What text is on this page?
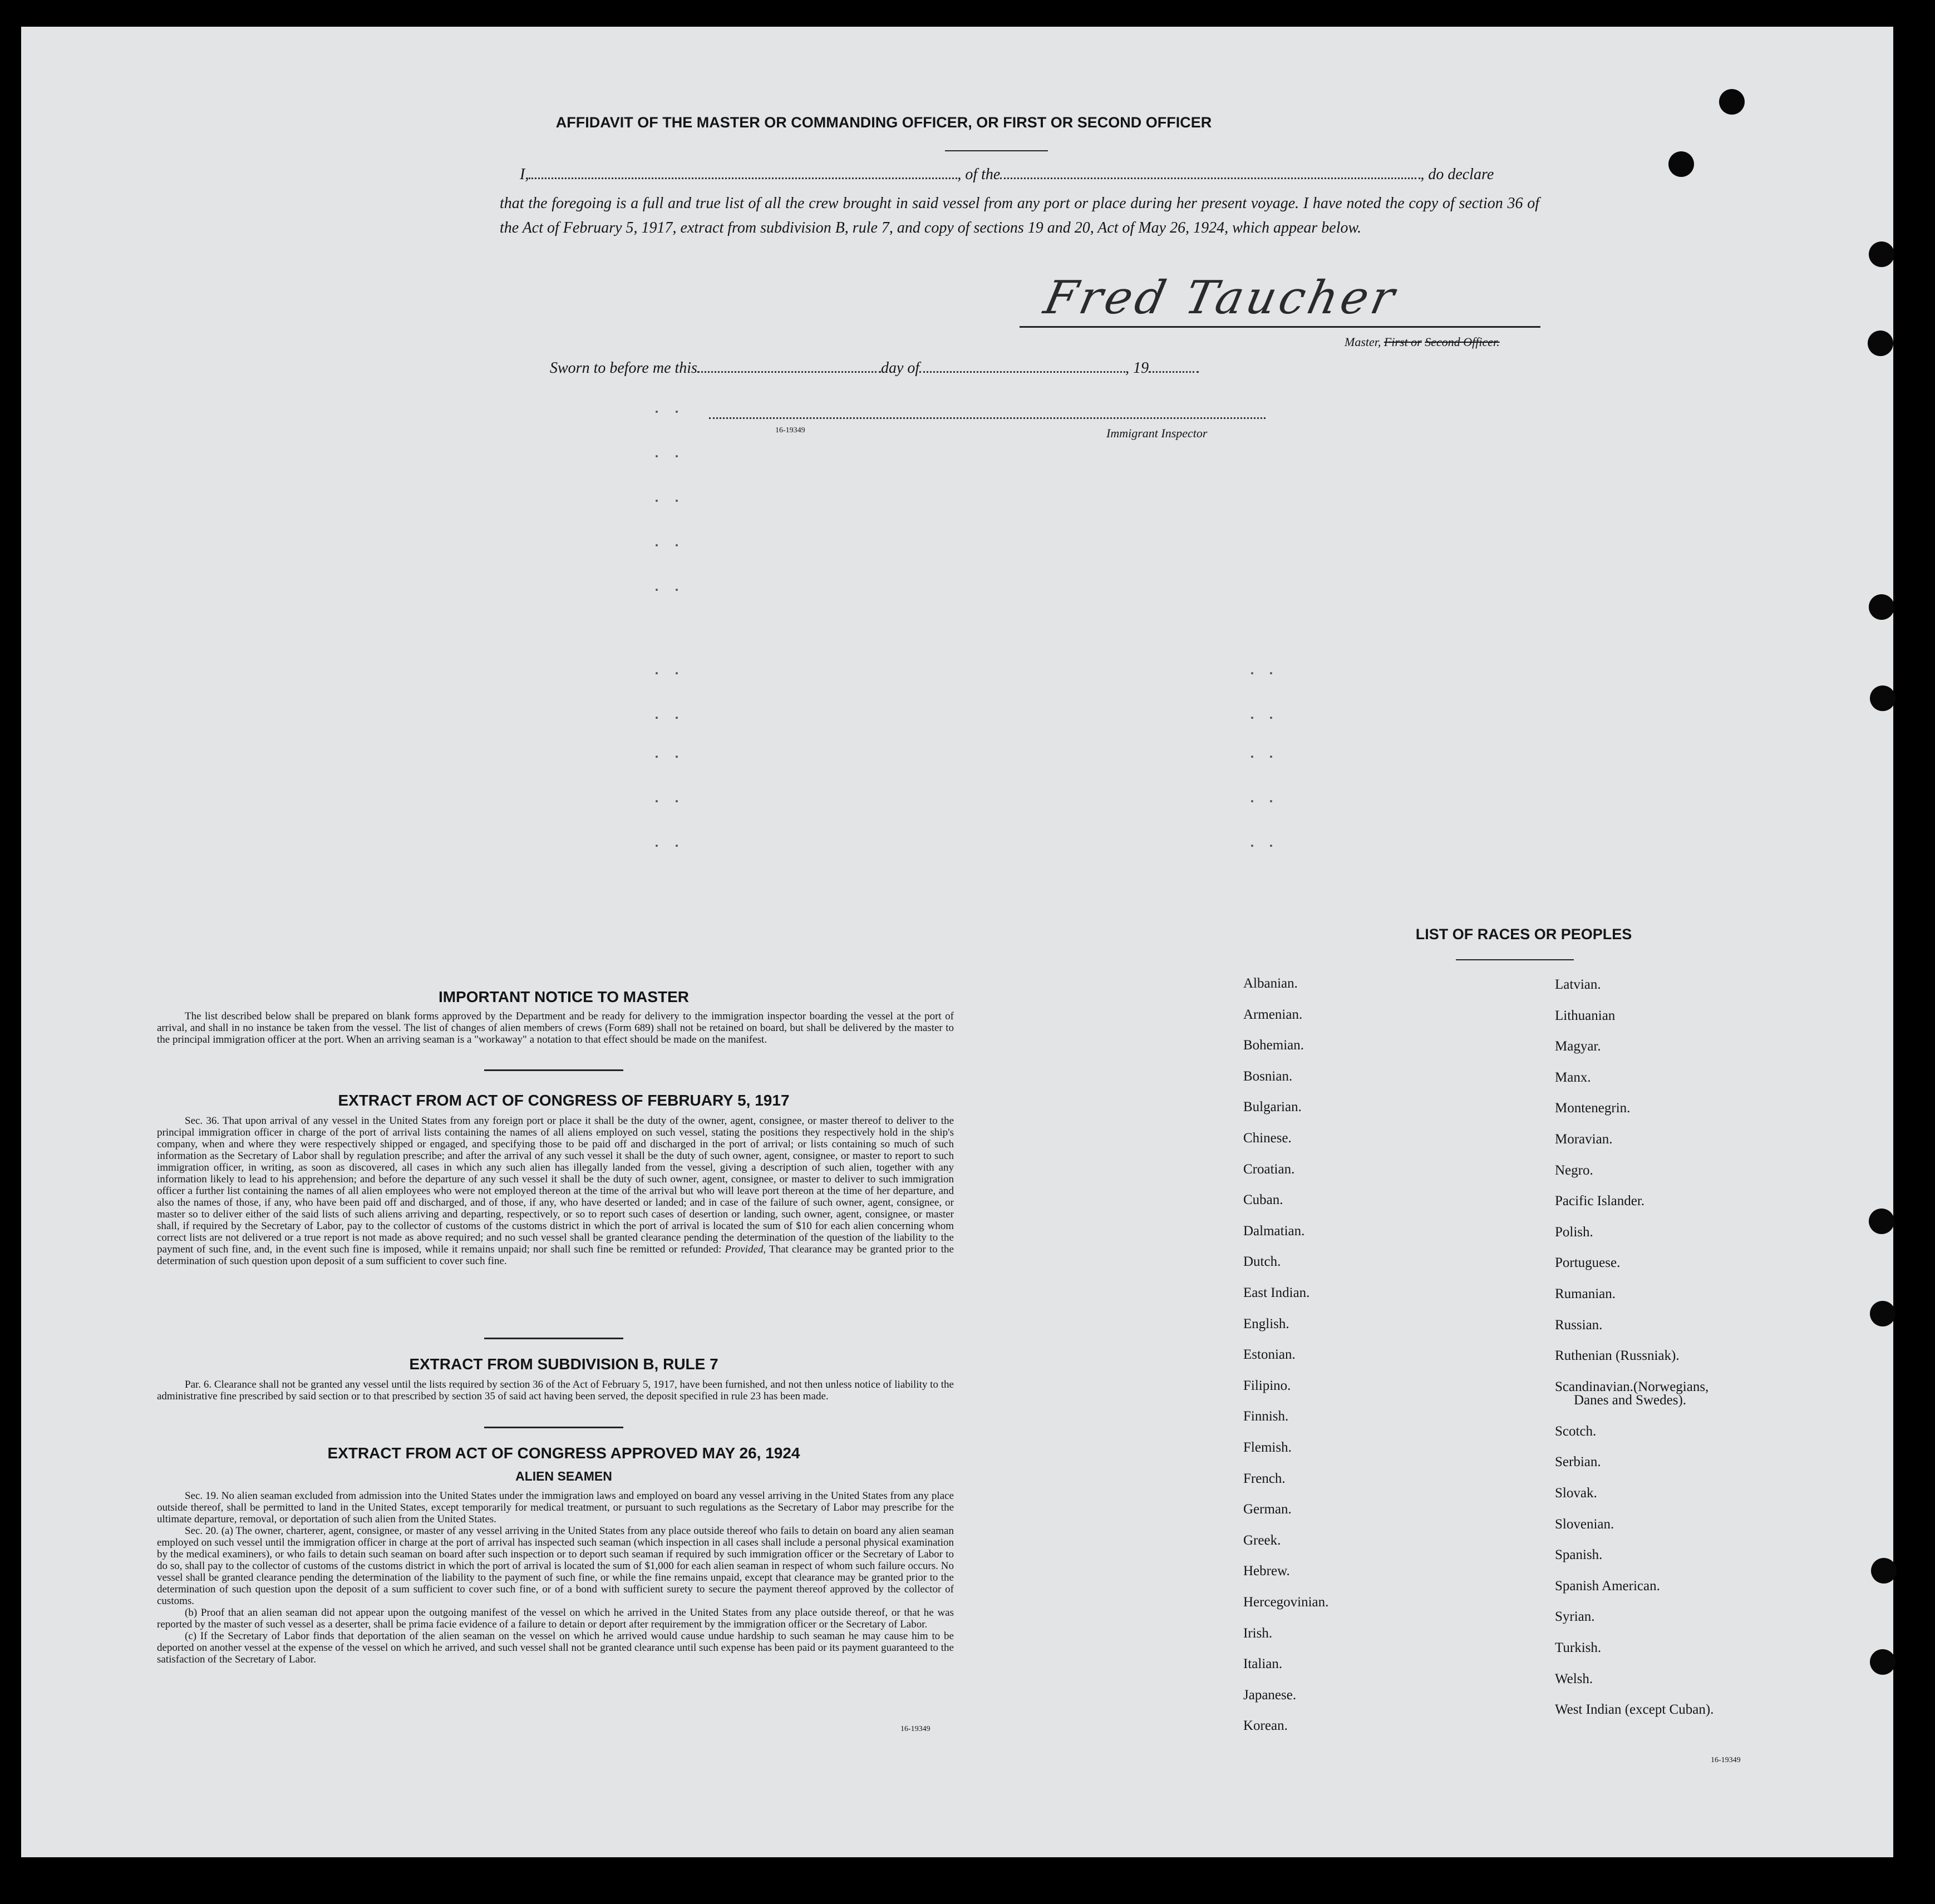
AFFIDAVIT OF THE MASTER OR COMMANDING OFFICER, OR FIRST OR SECOND OFFICER
I,	, of the	, do declare
that the foregoing is a full and true list of all the crew brought in said vessel from any port or place during her present voyage. I have noted the copy of section 36 of the Act of February 5, 1917, extract from subdivision B, rule 7, and copy of sections 19 and 20, Act of May 26, 1924, which appear below.
Fred Taucher
Master, First or Second Officer.
Sworn to before me this	day of	, 19
16-19349	Immigrant Inspector
IMPORTANT NOTICE TO MASTER

The list described below shall be prepared on blank forms approved by the Department and be ready for delivery to the immigration inspector boarding the vessel at the port of arrival, and shall in no instance be taken from the vessel. The list of changes of alien members of crews (Form 689) shall not be retained on board, but shall be delivered by the master to the principal immigration officer at the port. When an arriving seaman is a "workaway" a notation to that effect should be made on the manifest.

EXTRACT FROM ACT OF CONGRESS OF FEBRUARY 5, 1917

Sec. 36. That upon arrival of any vessel in the United States from any foreign port or place it shall be the duty of the owner, agent, consignee, or master thereof to deliver to the principal immigration officer in charge of the port of arrival lists containing the names of all aliens employed on such vessel, stating the positions they respectively hold in the ship's company, when and where they were respectively shipped or engaged, and specifying those to be paid off and discharged in the port of arrival; or lists containing so much of such information as the Secretary of Labor shall by regulation prescribe; and after the arrival of any such vessel it shall be the duty of such owner, agent, consignee, or master to report to such immigration officer, in writing, as soon as discovered, all cases in which any such alien has illegally landed from the vessel, giving a description of such alien, together with any information likely to lead to his apprehension; and before the departure of any such vessel it shall be the duty of such owner, agent, consignee, or master to deliver to such immigration officer a further list containing the names of all alien employees who were not employed thereon at the time of the arrival but who will leave port thereon at the time of her departure, and also the names of those, if any, who have been paid off and discharged, and of those, if any, who have deserted or landed; and in case of the failure of such owner, agent, consignee, or master so to deliver either of the said lists of such aliens arriving and departing, respectively, or so to report such cases of desertion or landing, such owner, agent, consignee, or master shall, if required by the Secretary of Labor, pay to the collector of customs of the customs district in which the port of arrival is located the sum of $10 for each alien concerning whom correct lists are not delivered or a true report is not made as above required; and no such vessel shall be granted clearance pending the determination of the question of the liability to the payment of such fine, and, in the event such fine is imposed, while it remains unpaid; nor shall such fine be remitted or refunded: Provided, That clearance may be granted prior to the determination of such question upon deposit of a sum sufficient to cover such fine.

EXTRACT FROM SUBDIVISION B, RULE 7

Par. 6. Clearance shall not be granted any vessel until the lists required by section 36 of the Act of February 5, 1917, have been furnished, and not then unless notice of liability to the administrative fine prescribed by said section or to that prescribed by section 35 of said act having been served, the deposit specified in rule 23 has been made.

EXTRACT FROM ACT OF CONGRESS APPROVED MAY 26, 1924
ALIEN SEAMEN

Sec. 19. No alien seaman excluded from admission into the United States under the immigration laws and employed on board any vessel arriving in the United States from any place outside thereof, shall be permitted to land in the United States, except temporarily for medical treatment, or pursuant to such regulations as the Secretary of Labor may prescribe for the ultimate departure, removal, or deportation of such alien from the United States.

Sec. 20. (a) The owner, charterer, agent, consignee, or master of any vessel arriving in the United States from any place outside thereof who fails to detain on board any alien seaman employed on such vessel until the immigration officer in charge at the port of arrival has inspected such seaman (which inspection in all cases shall include a personal physical examination by the medical examiners), or who fails to detain such seaman on board after such inspection or to deport such seaman if required by such immigration officer or the Secretary of Labor to do so, shall pay to the collector of customs of the customs district in which the port of arrival is located the sum of $1,000 for each alien seaman in respect of whom such failure occurs. No vessel shall be granted clearance pending the determination of the liability to the payment of such fine, or while the fine remains unpaid, except that clearance may be granted prior to the determination of such question upon the deposit of a sum sufficient to cover such fine, or of a bond with sufficient surety to secure the payment thereof approved by the collector of customs.

(b) Proof that an alien seaman did not appear upon the outgoing manifest of the vessel on which he arrived in the United States from any place outside thereof, or that he was reported by the master of such vessel as a deserter, shall be prima facie evidence of a failure to detain or deport after requirement by the immigration officer or the Secretary of Labor.

(c) If the Secretary of Labor finds that deportation of the alien seaman on the vessel on which he arrived would cause undue hardship to such seaman he may cause him to be deported on another vessel at the expense of the vessel on which he arrived, and such vessel shall not be granted clearance until such expense has been paid or its payment guaranteed to the satisfaction of the Secretary of Labor.

16-19349
LIST OF RACES OR PEOPLES
16-19349
Albanian.
Armenian.
Bohemian.
Bosnian.
Bulgarian.
Chinese.
Croatian.
Cuban.
Dalmatian.
Dutch.
East Indian.
English.
Estonian.
Filipino.
Finnish.
Flemish.
French.
German.
Greek.
Hebrew.
Hercegovinian.
Irish.
Italian.
Japanese.
Korean.
Latvian.
Lithuanian
Magyar.
Manx.
Montenegrin.
Moravian.
Negro.
Pacific Islander.
Polish.
Portuguese.
Rumanian.
Russian.
Ruthenian (Russniak).
Scandinavian.(Norwegians,
Danes and Swedes).
Scotch.
Serbian.
Slovak.
Slovenian.
Spanish.
Spanish American.
Syrian.
Turkish.
Welsh.
West Indian (except Cuban).
